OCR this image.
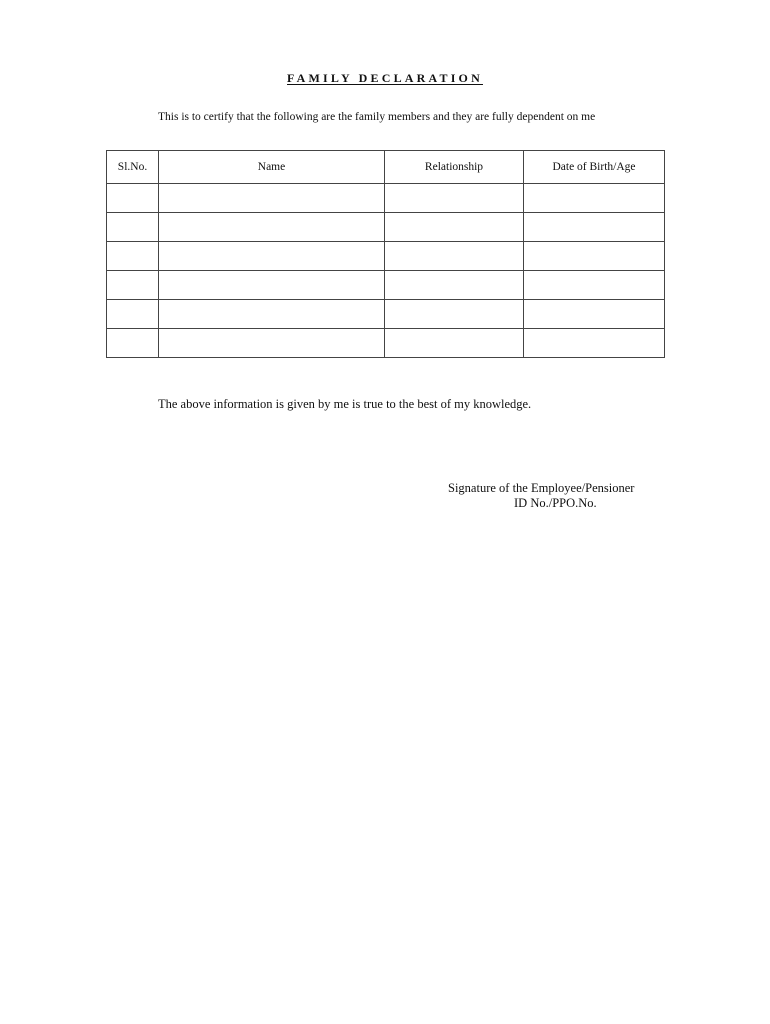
FAMILY DECLARATION
This is to certify that the following are the family members and they are fully dependent on me
Sl.No.	Name	Relationship	Date of Birth/Age

The above information is given by me is true to the best of my knowledge.
Signature of the Employee/Pensioner
ID No./PPO.No.
